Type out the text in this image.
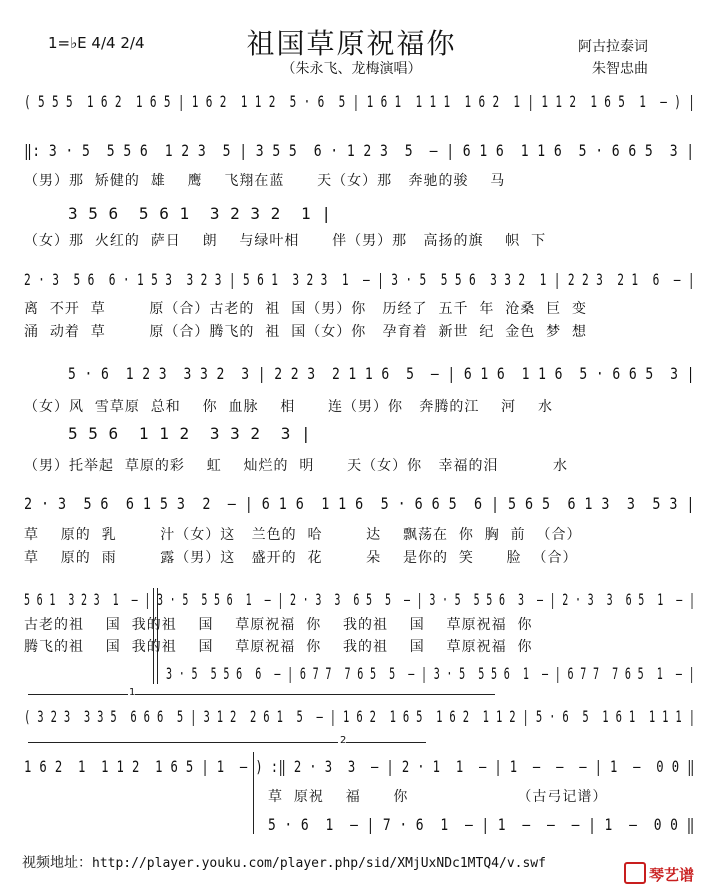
1=♭E 4/4 2/4	祖国草原祝福你	阿古拉泰词
朱智忠曲
（朱永飞、龙梅演唱）
( 5 5 5  1 6 2  1 6 5 | 1 6 2  1 1 2  5 · 6  5 | 1 6 1  1 1 1  1 6 2  1 | 1 1 2  1 6 5  1  – ) |
‖: 3 · 5  5 5 6  1 2 3  5 | 3 5 5  6 · 1 2 3  5  – | 6 1 6  1 1 6  5 · 6 6 5  3 |
（男）那  矫健的  雄    鹰    飞翔在蓝      天（女）那   奔驰的骏    马
3 5 6  5 6 1  3 2 3 2  1 |
（女）那  火红的  萨日    朗    与绿叶相      伴（男）那   高扬的旗    帜  下
2 · 3  5 6  6 · 1 5 3  3 2 3 | 5 6 1  3 2 3  1  – | 3 · 5  5 5 6  3 3 2  1 | 2 2 3  2 1  6  – |
离  不开  草        原（合）古老的  祖  国（男）你   历经了  五千  年  沧桑  巨  变
涌  动着  草        原（合）腾飞的  祖  国（女）你   孕育着  新世  纪  金色  梦  想
5 · 6  1 2 3  3 3 2  3 | 2 2 3  2 1 1 6  5  – | 6 1 6  1 1 6  5 · 6 6 5  3 |
（女）风  雪草原  总和    你  血脉    相      连（男）你   奔腾的江    河    水
5 5 6  1 1 2  3 3 2  3 |
（男）托举起  草原的彩    虹    灿烂的  明      天（女）你   幸福的泪          水
2 · 3  5 6  6 1 5 3  2  – | 6 1 6  1 1 6  5 · 6 6 5  6 | 5 6 5  6 1 3  3  5 3 |
草    原的  乳        汁（女）这   兰色的  哈        达    飘荡在  你  胸  前  （合）
草    原的  雨        露（男）这   盛开的  花        朵    是你的  笑      脸  （合）
5 6 1  3 2 3  1  – | 3 · 5  5 5 6  1  – | 2 · 3  3  6 5  5  – | 3 · 5  5 5 6  3  – | 2 · 3  3  6 5  1  – |
古老的祖    国  我的祖    国    草原祝福  你    我的祖    国    草原祝福  你
腾飞的祖    国  我的祖    国    草原祝福  你    我的祖    国    草原祝福  你
3 · 5  5 5 6  6  – | 6 7 7  7 6 5  5  – | 3 · 5  5 5 6  1  – | 6 7 7  7 6 5  1  – |
1
( 3 2 3  3 3 5  6 6 6  5 | 3 1 2  2 6 1  5  – | 1 6 2  1 6 5  1 6 2  1 1 2 | 5 · 6  5  1 6 1  1 1 1 |
2
1 6 2  1  1 1 2  1 6 5 | 1  – ) :‖ 2 · 3  3  – | 2 · 1  1  – | 1  –  –  – | 1  –  0 0 ‖
草  原祝    福      你                    （古弓记谱）
5 · 6  1  – | 7 · 6  1  – | 1  –  –  – | 1  –  0 0 ‖
视频地址：http://player.youku.com/player.php/sid/XMjUxNDc1MTQ4/v.swf
琴艺谱
